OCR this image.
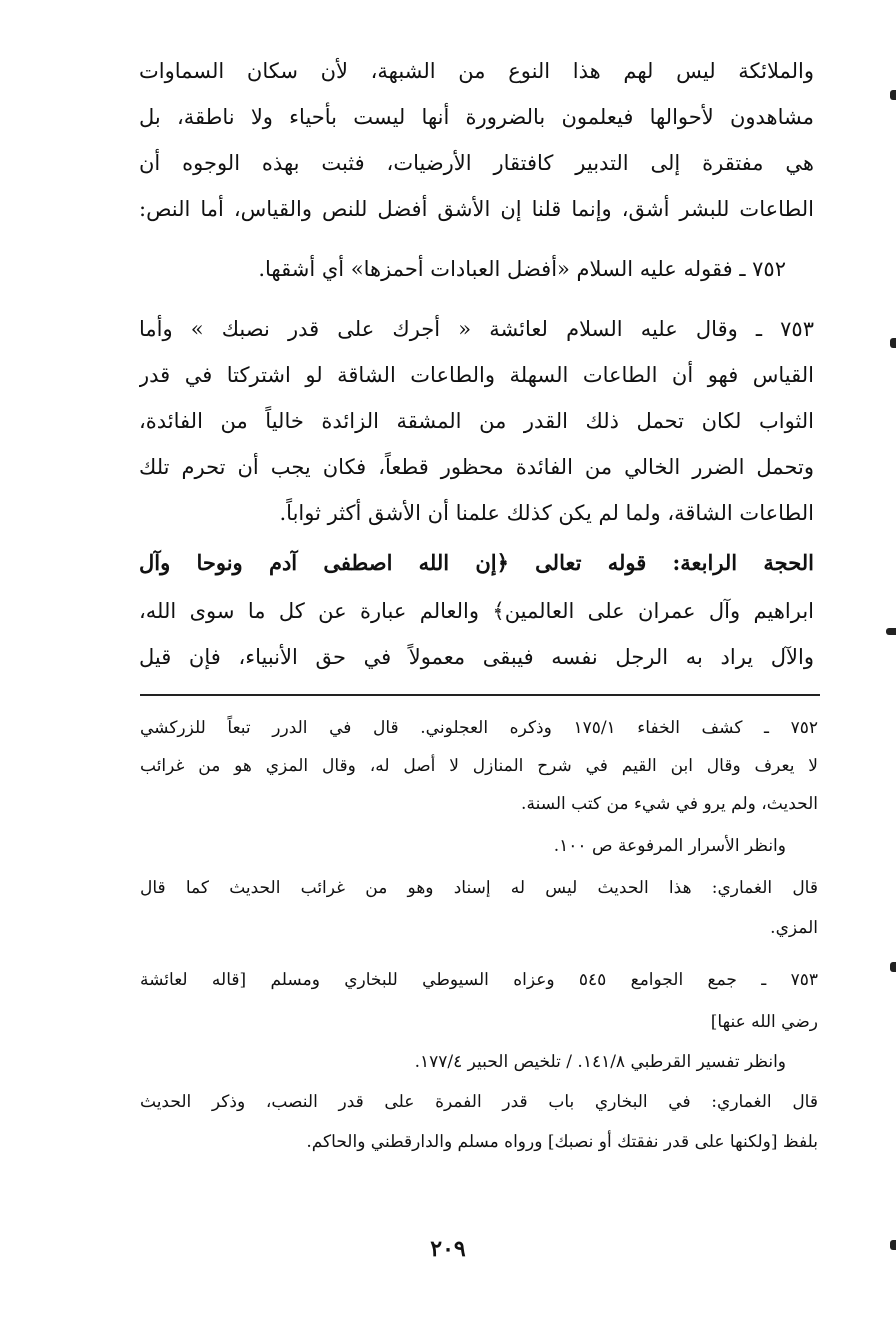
والملائكة ليس لهم هذا النوع من الشبهة، لأن سكان السماوات

مشاهدون لأحوالها فيعلمون بالضرورة أنها ليست بأحياء ولا ناطقة، بل

هي مفتقرة إلى التدبير كافتقار الأرضيات، فثبت بهذه الوجوه أن

الطاعات للبشر أشق، وإنما قلنا إن الأشق أفضل للنص والقياس، أما النص:

٧٥٢ ـ فقوله عليه السلام «أفضل العبادات أحمزها» أي أشقها.

٧٥٣ ـ وقال عليه السلام لعائشة « أجرك على قدر نصبك » وأما

القياس فهو أن الطاعات السهلة والطاعات الشاقة لو اشتركتا في قدر

الثواب لكان تحمل ذلك القدر من المشقة الزائدة خالياً من الفائدة،

وتحمل الضرر الخالي من الفائدة محظور قطعاً، فكان يجب أن تحرم تلك

الطاعات الشاقة، ولما لم يكن كذلك علمنا أن الأشق أكثر ثواباً.

الحجة الرابعة: قوله تعالى ﴿إن الله اصطفى آدم ونوحا وآل

ابراهيم وآل عمران على العالمين﴾ والعالم عبارة عن كل ما سوى الله،

والآل يراد به الرجل نفسه فيبقى معمولاً في حق الأنبياء، فإن قيل

٧٥٢ ـ كشف الخفاء ١٧٥/١ وذكره العجلوني. قال في الدرر تبعاً للزركشي

لا يعرف وقال ابن القيم في شرح المنازل لا أصل له، وقال المزي هو من غرائب

الحديث، ولم يرو في شيء من كتب السنة.

وانظر الأسرار المرفوعة ص ١٠٠.

قال الغماري: هذا الحديث ليس له إسناد وهو من غرائب الحديث كما قال

المزي.

٧٥٣ ـ جمع الجوامع ٥٤٥ وعزاه السيوطي للبخاري ومسلم [قاله لعائشة

رضي الله عنها]

وانظر تفسير القرطبي ١٤١/٨. / تلخيص الحبير ١٧٧/٤.

قال الغماري: في البخاري باب قدر الفمرة على قدر النصب، وذكر الحديث

بلفظ [ولكنها على قدر نفقتك أو نصبك] ورواه مسلم والدارقطني والحاكم.

٢٠٩
